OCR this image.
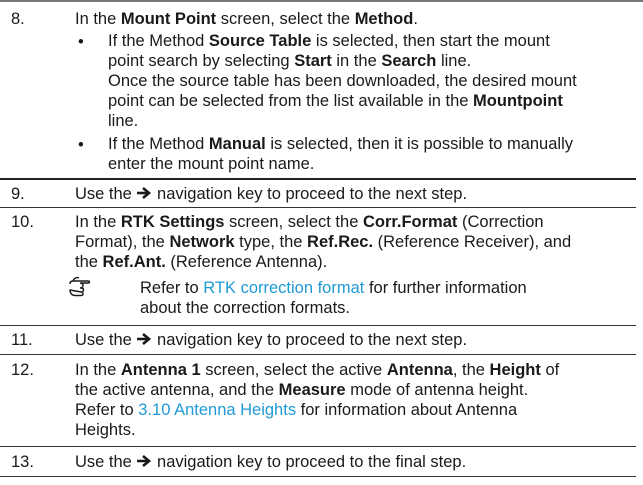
8.	In the Mount Point screen, select the Method.
• If the Method Source Table is selected, then start the mount
point search by selecting Start in the Search line.
Once the source table has been downloaded, the desired mount
point can be selected from the list available in the Mountpoint
line.
• If the Method Manual is selected, then it is possible to manually
enter the mount point name.
9.	Use the  navigation key to proceed to the next step.
10. In the RTK Settings screen, select the Corr.Format (Correction
Format), the Network type, the Ref.Rec. (Reference Receiver), and
the Ref.Ant. (Reference Antenna).
Refer to RTK correction format for further information
about the correction formats.
11.	Use the  navigation key to proceed to the next step.
12. In the Antenna 1 screen, select the active Antenna, the Height of
the active antenna, and the Measure mode of antenna height.
Refer to 3.10 Antenna Heights for information about Antenna
Heights.
13. Use the  navigation key to proceed to the final step.
